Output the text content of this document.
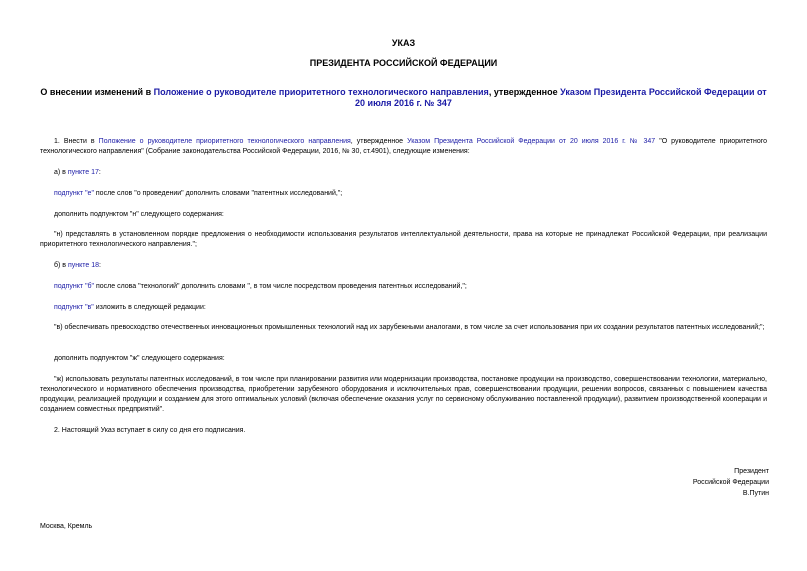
УКАЗ
ПРЕЗИДЕНТА РОССИЙСКОЙ ФЕДЕРАЦИИ
О внесении изменений в Положение о руководителе приоритетного технологического направления, утвержденное Указом Президента Российской Федерации от 20 июля 2016 г. № 347
1. Внести в Положение о руководителе приоритетного технологического направления, утвержденное Указом Президента Российской Федерации от 20 июля 2016 г. № 347 "О руководителе приоритетного технологического направления" (Собрание законодательства Российской Федерации, 2016, № 30, ст.4901), следующие изменения:
а) в пункте 17:
подпункт "е" после слов "о проведении" дополнить словами "патентных исследований,";
дополнить подпунктом "н" следующего содержания:
"н) представлять в установленном порядке предложения о необходимости использования результатов интеллектуальной деятельности, права на которые не принадлежат Российской Федерации, при реализации приоритетного технологического направления.";
б) в пункте 18:
подпункт "б" после слова "технологий" дополнить словами ", в том числе посредством проведения патентных исследований,";
подпункт "в" изложить в следующей редакции:
"в) обеспечивать превосходство отечественных инновационных промышленных технологий над их зарубежными аналогами, в том числе за счет использования при их создании результатов патентных исследований;";
дополнить подпунктом "ж" следующего содержания:
"ж) использовать результаты патентных исследований, в том числе при планировании развития или модернизации производства, постановке продукции на производство, совершенствовании технологии, материально, технологического и нормативного обеспечения производства, приобретении зарубежного оборудования и исключительных прав, совершенствовании продукции, решении вопросов, связанных с повышением качества продукции, реализацией продукции и созданием для этого оптимальных условий (включая обеспечение оказания услуг по сервисному обслуживанию поставленной продукции), развитием производственной кооперации и созданием совместных предприятий".
2. Настоящий Указ вступает в силу со дня его подписания.
Президент
Российской Федерации
В.Путин
Москва, Кремль
